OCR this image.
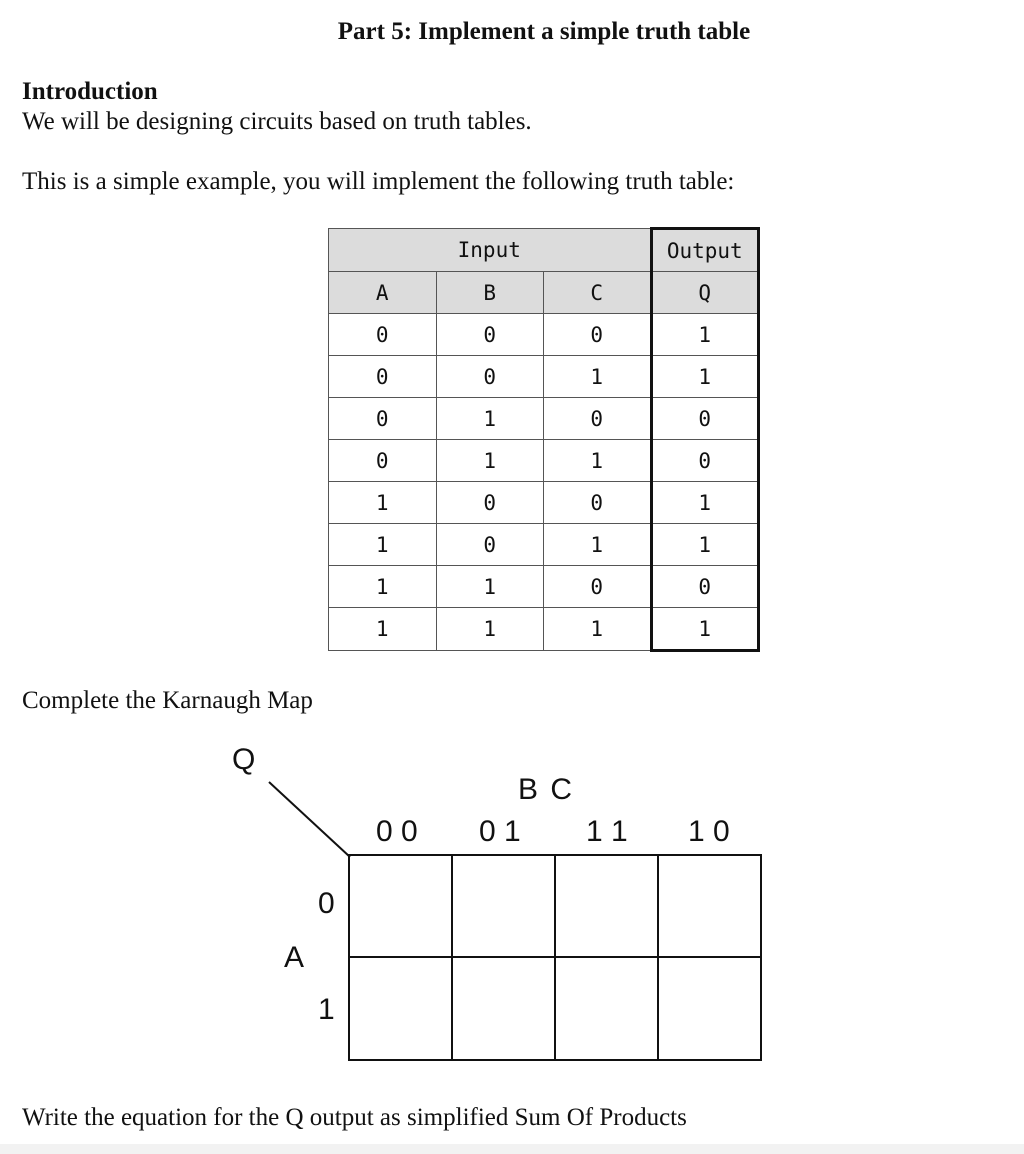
Part 5: Implement a simple truth table
Introduction
We will be designing circuits based on truth tables.
This is a simple example, you will implement the following truth table:
Input			Output
A	B	C	Q
0	0	0	1
0	0	1	1
0	1	0	0
0	1	1	0
1	0	0	1
1	0	1	1
1	1	0	0
1	1	1	1
Complete the Karnaugh Map
Q
B C
A
0 0 0 1 1 1 1 0
0
1
Write the equation for the Q output as simplified Sum Of Products
